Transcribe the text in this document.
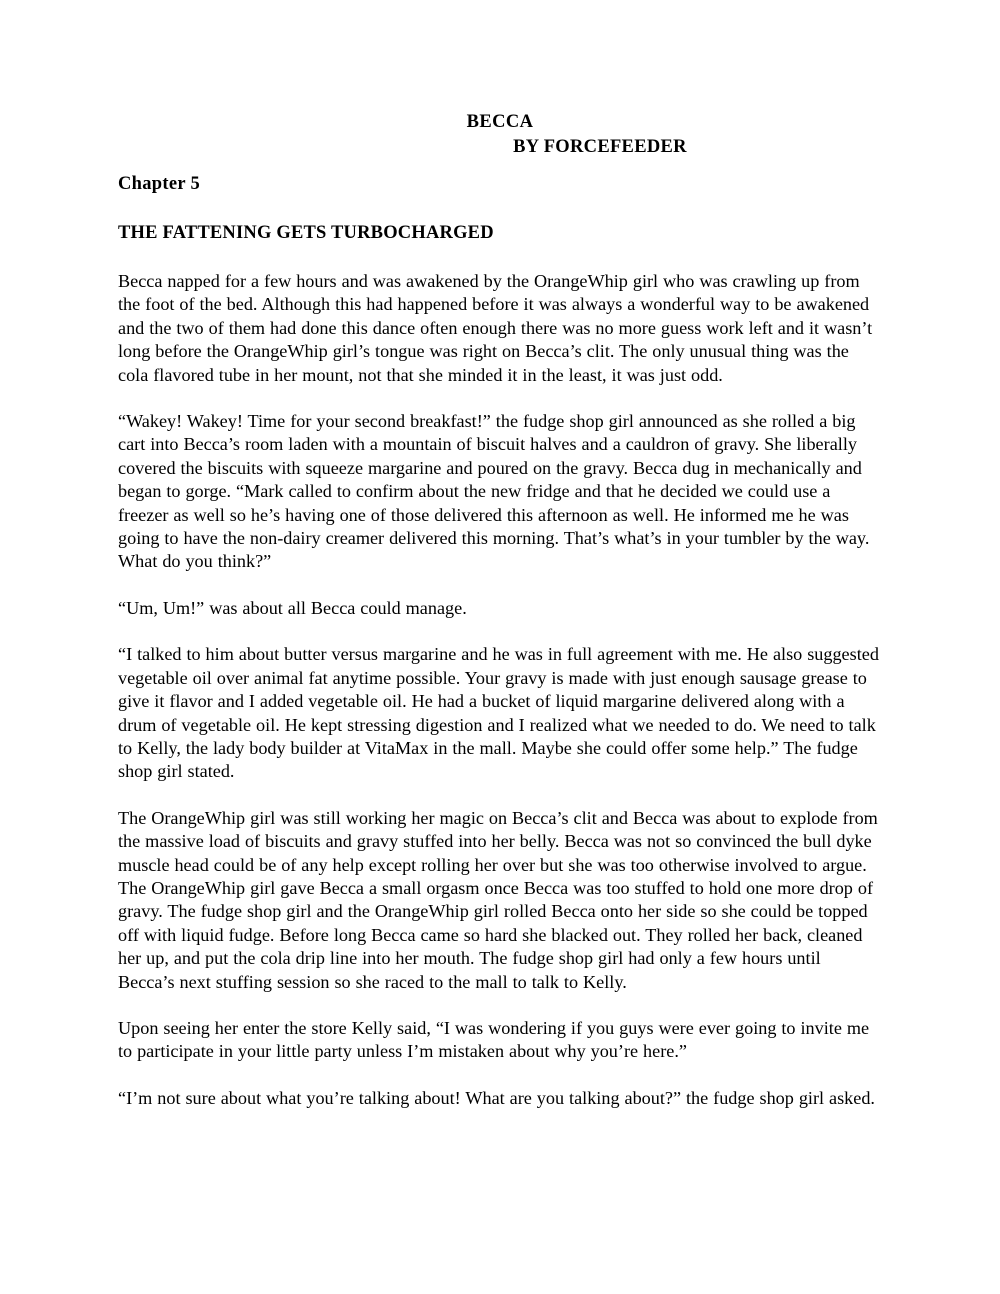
BECCA
BY FORCEFEEDER
Chapter 5
THE FATTENING GETS TURBOCHARGED

Becca napped for a few hours and was awakened by the OrangeWhip girl who was crawling up from the foot of the bed. Although this had happened before it was always a wonderful way to be awakened and the two of them had done this dance often enough there was no more guess work left and it wasn’t long before the OrangeWhip girl’s tongue was right on Becca’s clit. The only unusual thing was the cola flavored tube in her mount, not that she minded it in the least, it was just odd.

“Wakey! Wakey! Time for your second breakfast!” the fudge shop girl announced as she rolled a big cart into Becca’s room laden with a mountain of biscuit halves and a cauldron of gravy. She liberally covered the biscuits with squeeze margarine and poured on the gravy. Becca dug in mechanically and began to gorge. “Mark called to confirm about the new fridge and that he decided we could use a freezer as well so he’s having one of those delivered this afternoon as well. He informed me he was going to have the non-dairy creamer delivered this morning. That’s what’s in your tumbler by the way. What do you think?”

“Um, Um!” was about all Becca could manage.

“I talked to him about butter versus margarine and he was in full agreement with me. He also suggested vegetable oil over animal fat anytime possible. Your gravy is made with just enough sausage grease to give it flavor and I added vegetable oil. He had a bucket of liquid margarine delivered along with a drum of vegetable oil. He kept stressing digestion and I realized what we needed to do. We need to talk to Kelly, the lady body builder at VitaMax in the mall. Maybe she could offer some help.” The fudge shop girl stated.

The OrangeWhip girl was still working her magic on Becca’s clit and Becca was about to explode from the massive load of biscuits and gravy stuffed into her belly. Becca was not so convinced the bull dyke muscle head could be of any help except rolling her over but she was too otherwise involved to argue. The OrangeWhip girl gave Becca a small orgasm once Becca was too stuffed to hold one more drop of gravy. The fudge shop girl and the OrangeWhip girl rolled Becca onto her side so she could be topped off with liquid fudge. Before long Becca came so hard she blacked out. They rolled her back, cleaned her up, and put the cola drip line into her mouth. The fudge shop girl had only a few hours until Becca’s next stuffing session so she raced to the mall to talk to Kelly.

Upon seeing her enter the store Kelly said, “I was wondering if you guys were ever going to invite me to participate in your little party unless I’m mistaken about why you’re here.”

“I’m not sure about what you’re talking about! What are you talking about?” the fudge shop girl asked.
